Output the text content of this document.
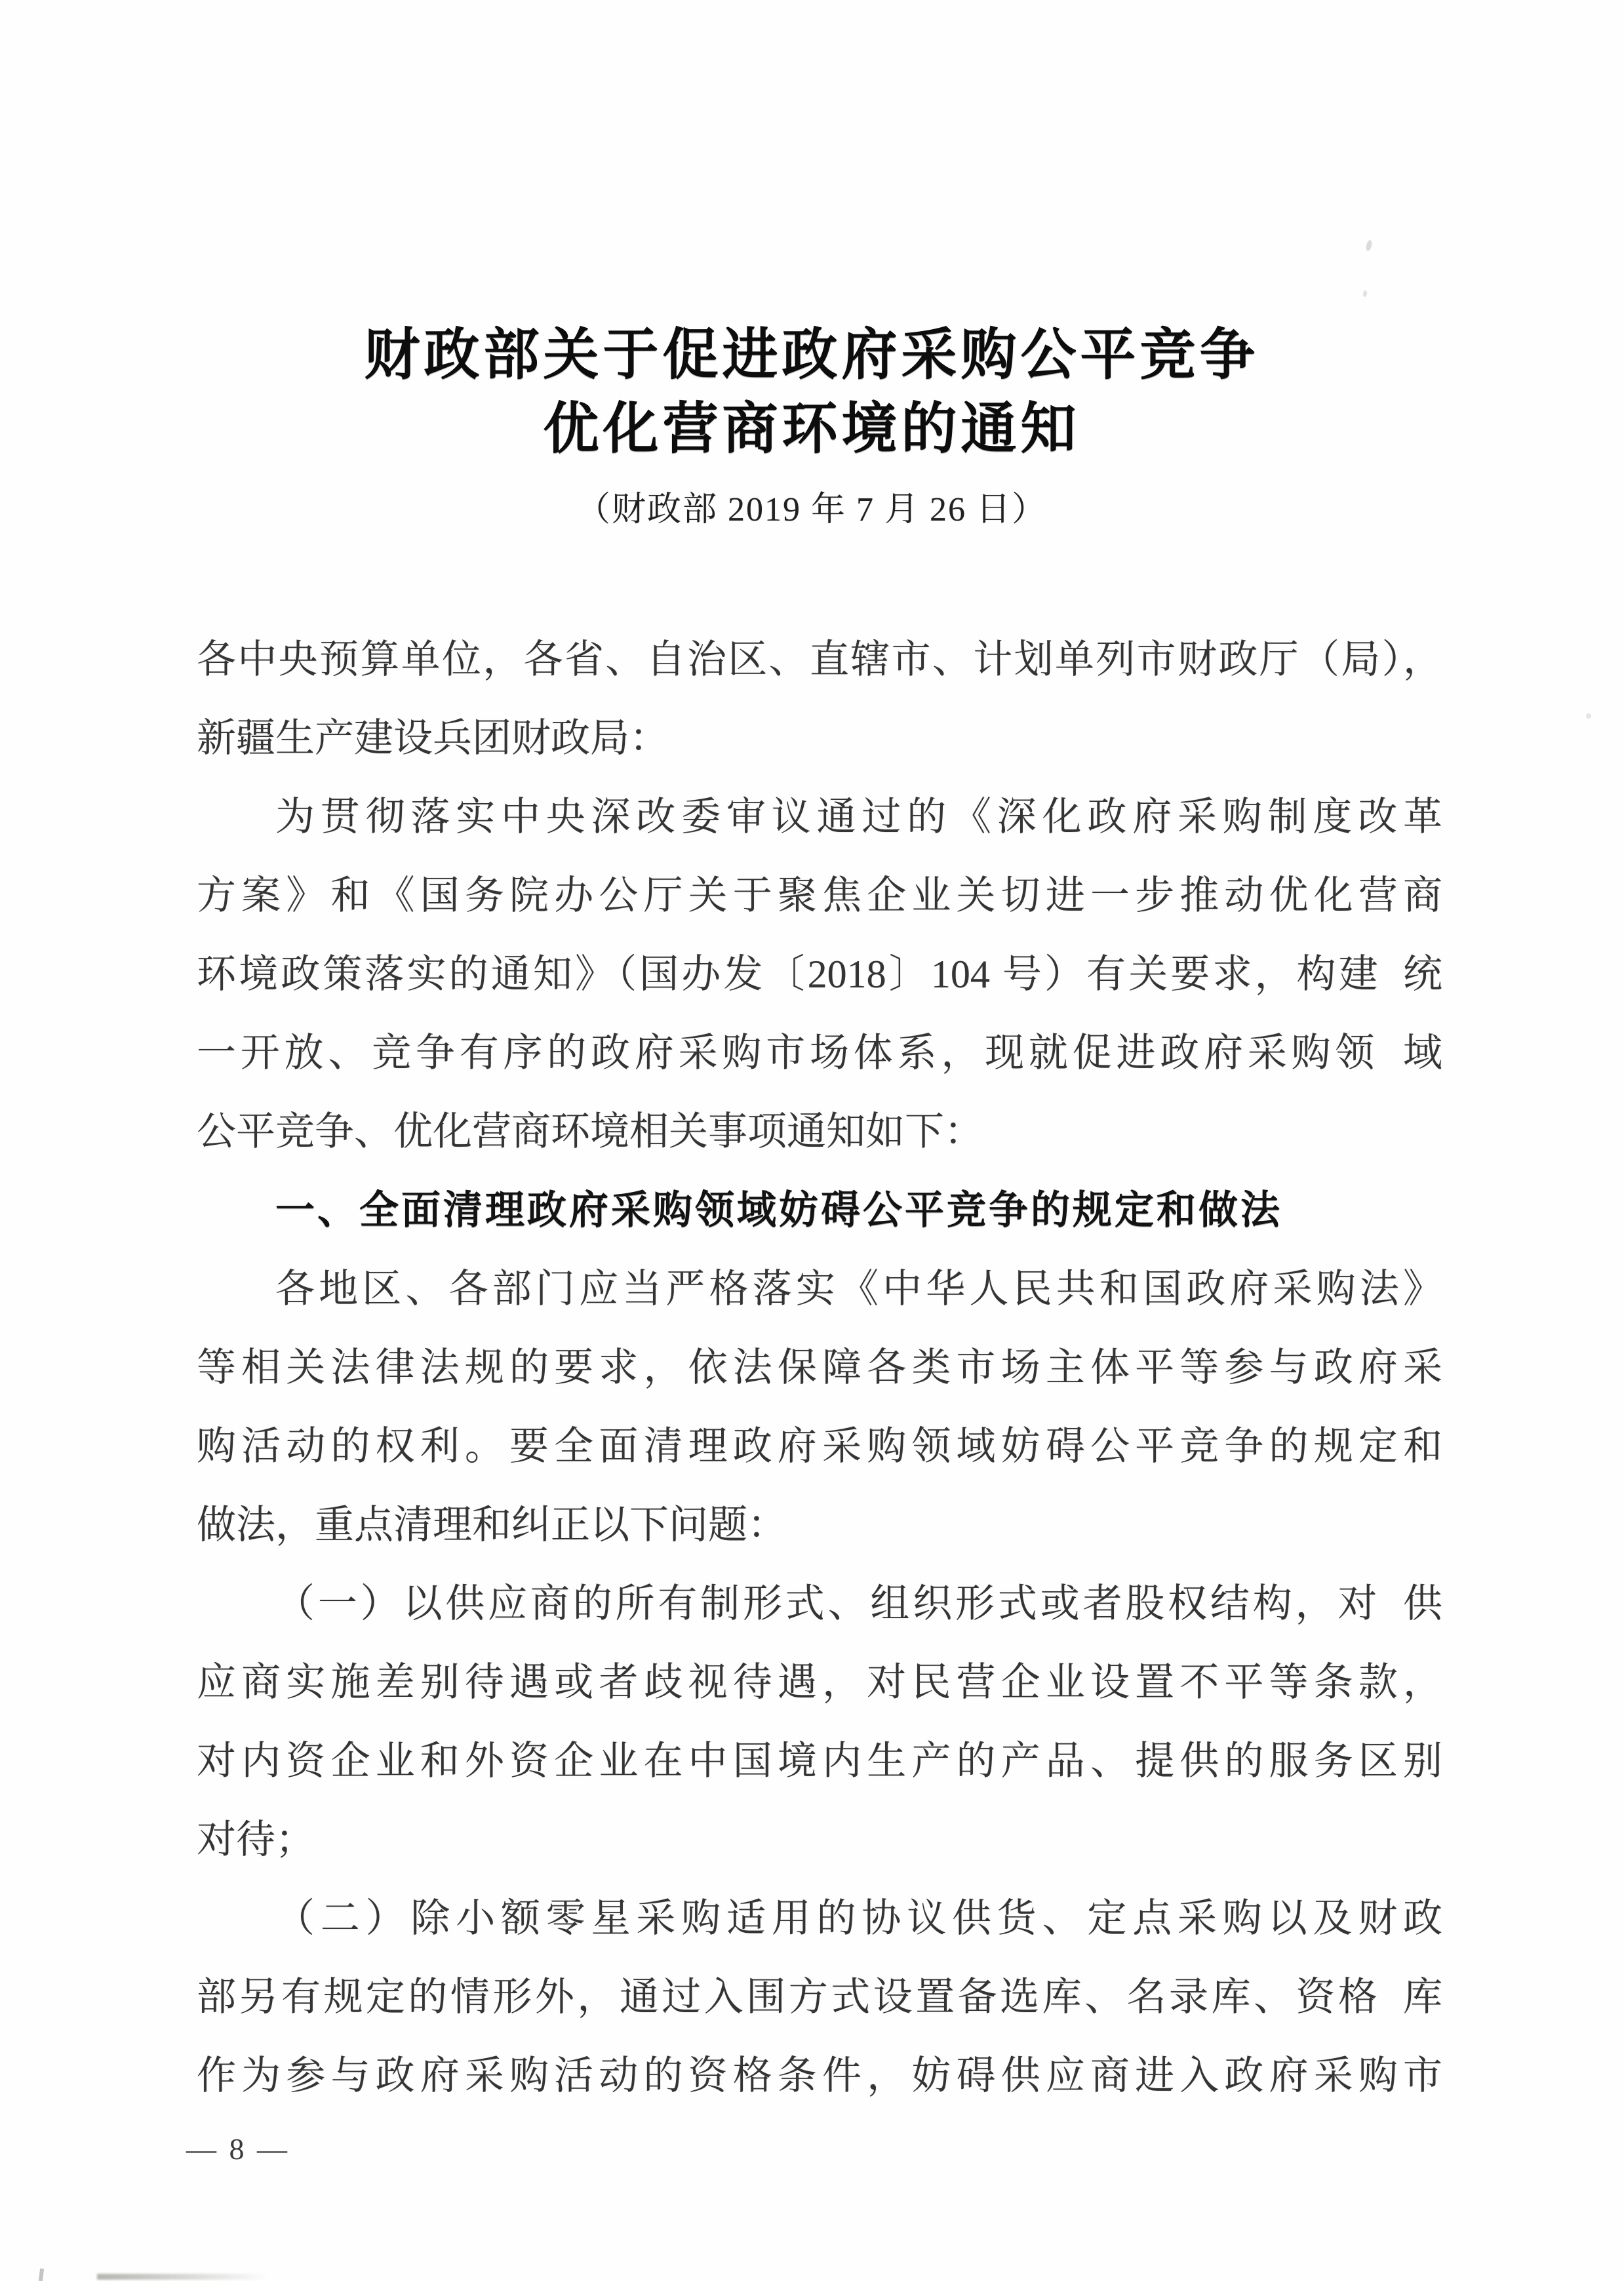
财政部关于促进政府采购公平竞争
优化营商环境的通知
（财政部 2019 年 7 月 26 日）

各中央预算单位，各省、自治区、直辖市、计划单列市财政厅（局），

新疆生产建设兵团财政局：

为贯彻落实中央深改委审议通过的《深化政府采购制度改革

方案》和《国务院办公厅关于聚焦企业关切进一步推动优化营商

环境政策落实的通知》（国办发〔2018〕104 号）有关要求，构建 统

一开放、竞争有序的政府采购市场体系，现就促进政府采购领 域

公平竞争、优化营商环境相关事项通知如下：

一、全面清理政府采购领域妨碍公平竞争的规定和做法

各地区、各部门应当严格落实《中华人民共和国政府采购法》

等相关法律法规的要求，依法保障各类市场主体平等参与政府采

购活动的权利。要全面清理政府采购领域妨碍公平竞争的规定和

做法，重点清理和纠正以下问题：

（一）以供应商的所有制形式、组织形式或者股权结构，对 供

应商实施差别待遇或者歧视待遇，对民营企业设置不平等条款，

对内资企业和外资企业在中国境内生产的产品、提供的服务区别

对待；

（二）除小额零星采购适用的协议供货、定点采购以及财政

部另有规定的情形外，通过入围方式设置备选库、名录库、资格 库

作为参与政府采购活动的资格条件，妨碍供应商进入政府采购市

— 8 —
